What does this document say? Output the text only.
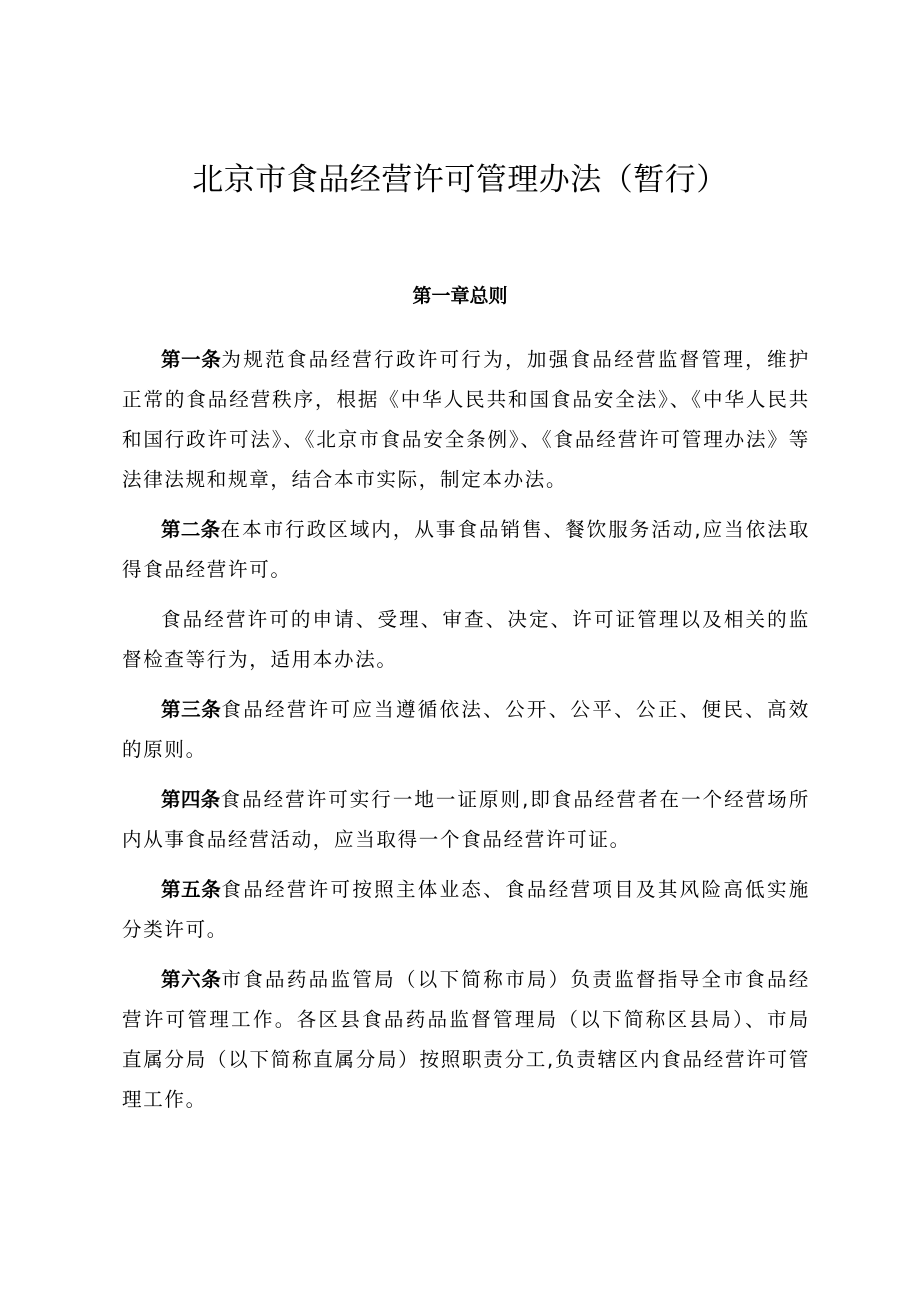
北京市食品经营许可管理办法（暂行）
第一章总则

第一条为规范食品经营行政许可行为，加强食品经营监督管理，维护正常的食品经营秩序，根据《中华人民共和国食品安全法》、《中华人民共和国行政许可法》、《北京市食品安全条例》、《食品经营许可管理办法》等法律法规和规章，结合本市实际，制定本办法。

第二条在本市行政区域内，从事食品销售、餐饮服务活动,应当依法取得食品经营许可。

食品经营许可的申请、受理、审查、决定、许可证管理以及相关的监督检查等行为，适用本办法。

第三条食品经营许可应当遵循依法、公开、公平、公正、便民、高效的原则。

第四条食品经营许可实行一地一证原则,即食品经营者在一个经营场所内从事食品经营活动，应当取得一个食品经营许可证。

第五条食品经营许可按照主体业态、食品经营项目及其风险高低实施分类许可。

第六条市食品药品监管局（以下简称市局）负责监督指导全市食品经营许可管理工作。各区县食品药品监督管理局（以下简称区县局）、市局直属分局（以下简称直属分局）按照职责分工,负责辖区内食品经营许可管理工作。
